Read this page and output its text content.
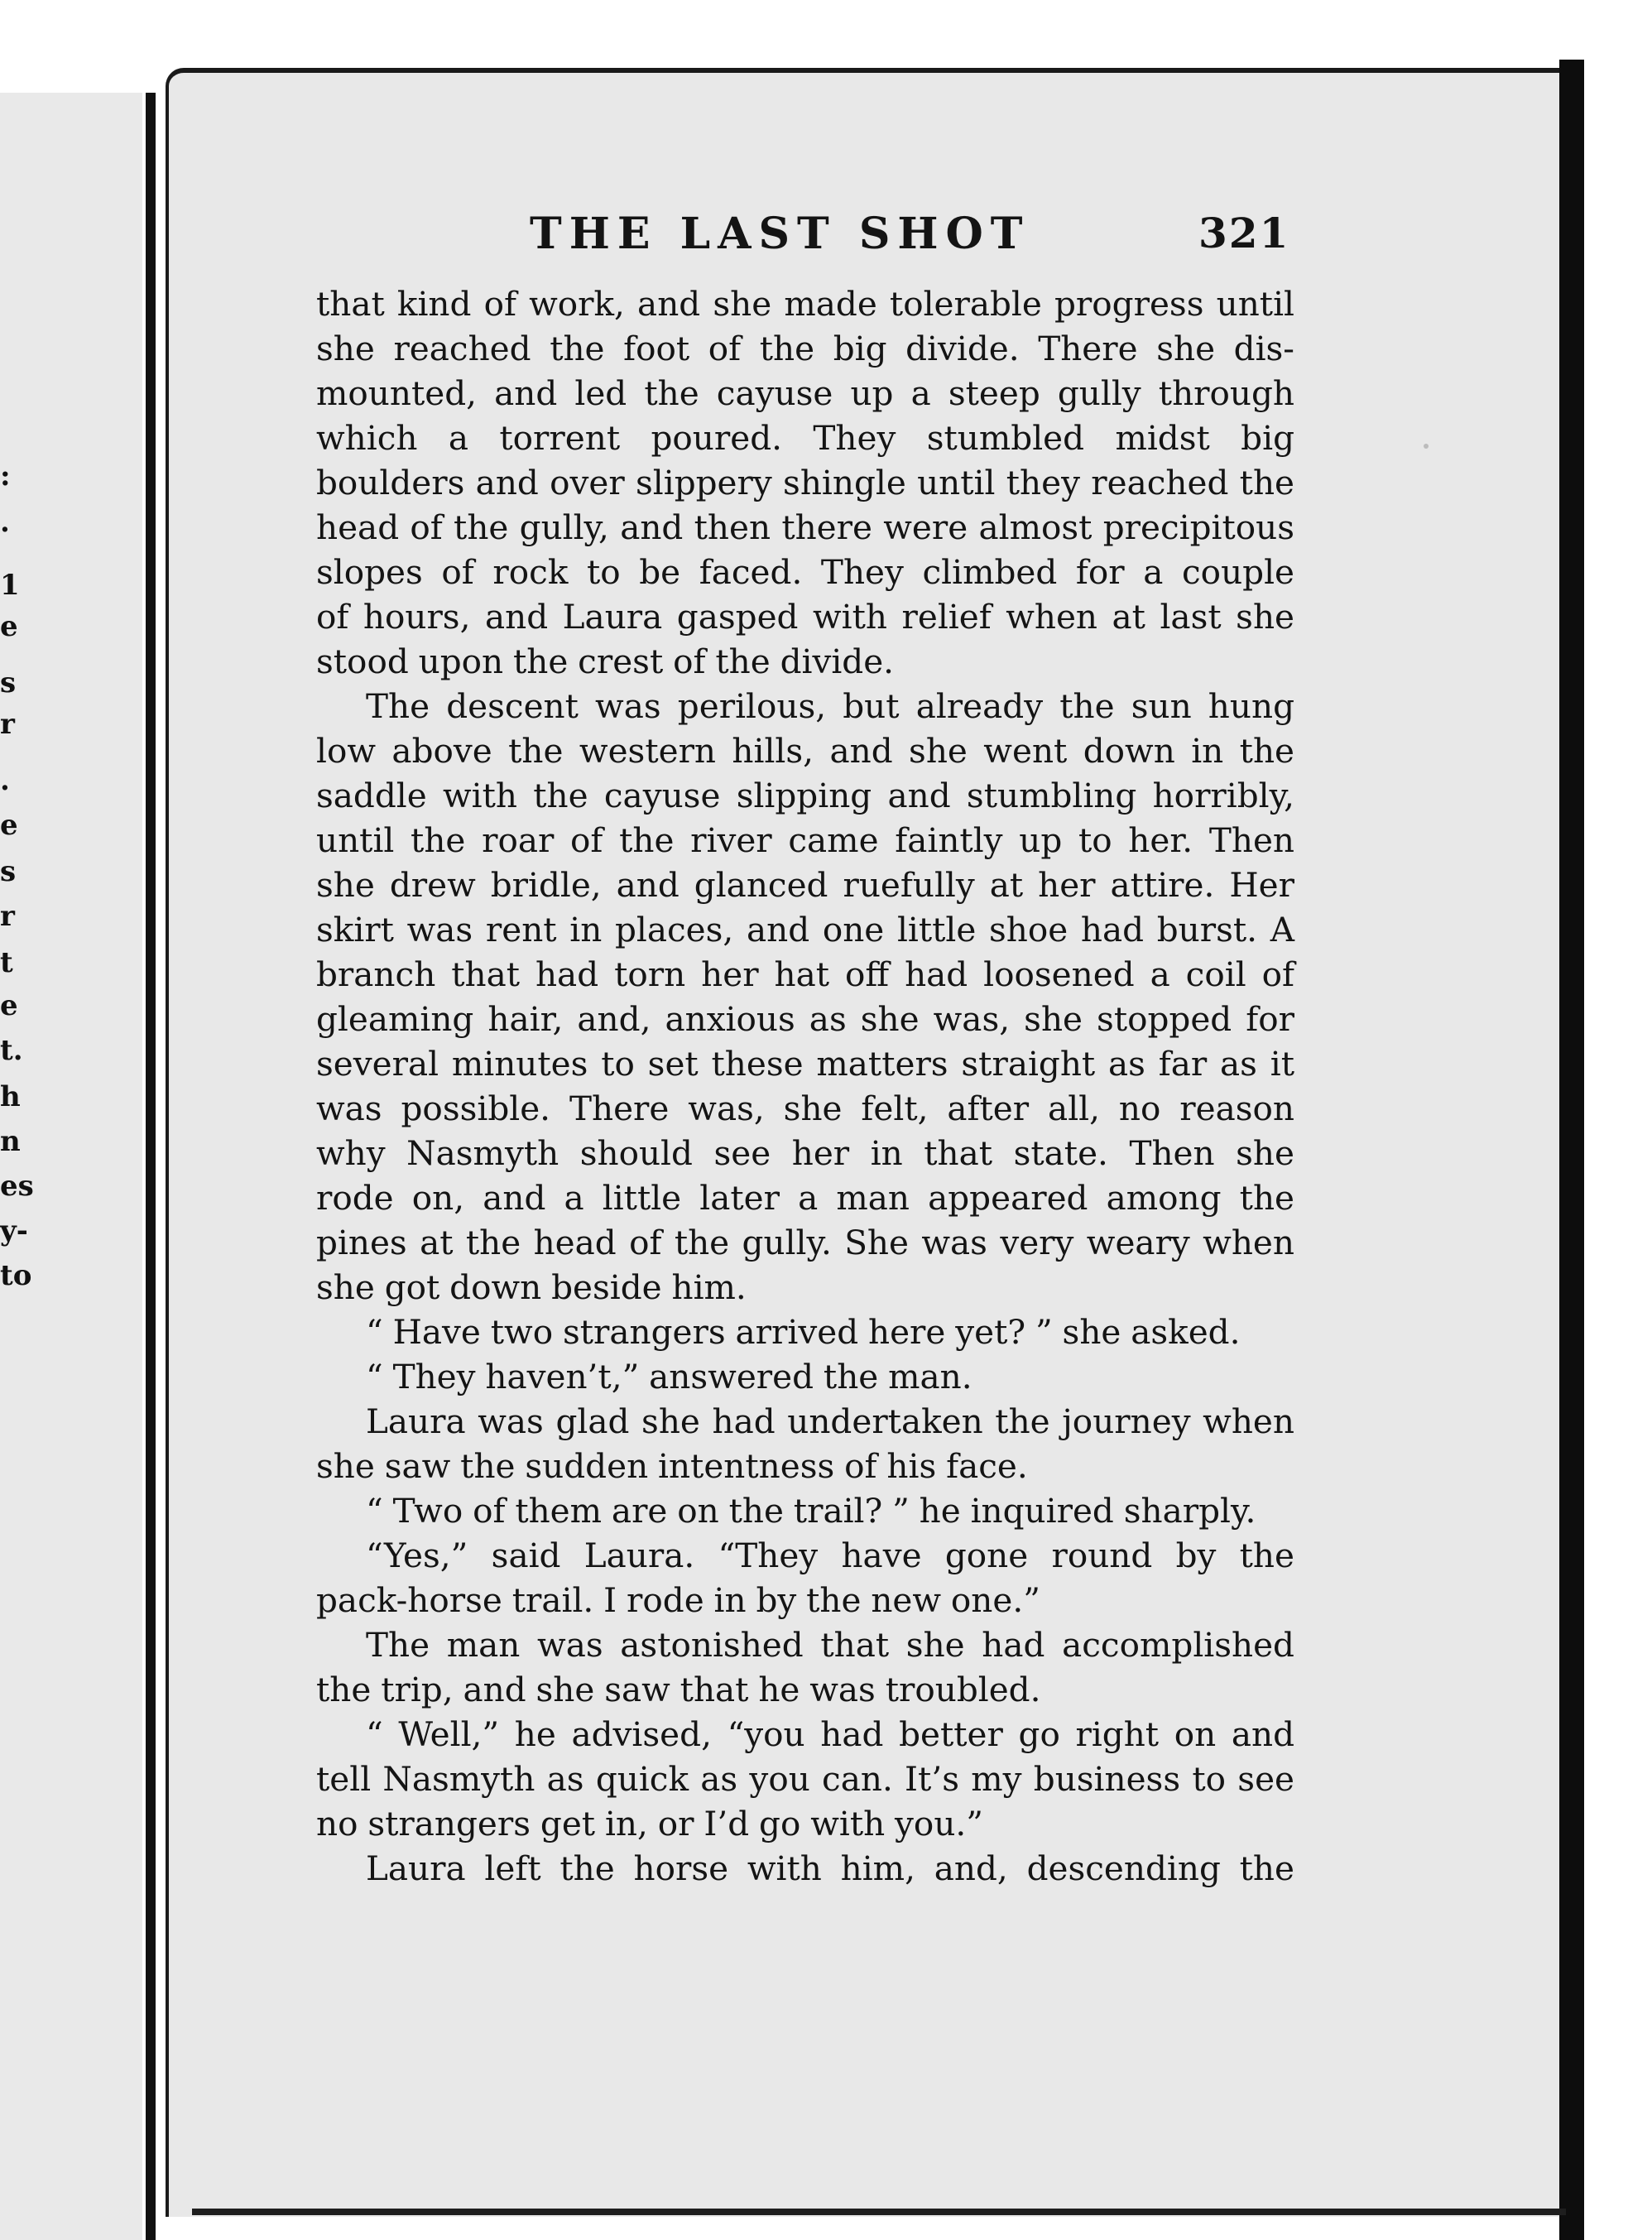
:
.
1
e
s
r
.
e
s
r
t
e
t.
h
n
es
y-
to
THE LAST SHOT	321
that kind of work, and she made tolerable progress until
she reached the foot of the big divide. There she dis-
mounted, and led the cayuse up a steep gully through
which a torrent poured. They stumbled midst big
boulders and over slippery shingle until they reached the
head of the gully, and then there were almost precipitous
slopes of rock to be faced. They climbed for a couple
of hours, and Laura gasped with relief when at last she
stood upon the crest of the divide.
The descent was perilous, but already the sun hung
low above the western hills, and she went down in the
saddle with the cayuse slipping and stumbling horribly,
until the roar of the river came faintly up to her. Then
she drew bridle, and glanced ruefully at her attire. Her
skirt was rent in places, and one little shoe had burst. A
branch that had torn her hat off had loosened a coil of
gleaming hair, and, anxious as she was, she stopped for
several minutes to set these matters straight as far as it
was possible. There was, she felt, after all, no reason
why Nasmyth should see her in that state. Then she
rode on, and a little later a man appeared among the
pines at the head of the gully. She was very weary when
she got down beside him.
“ Have two strangers arrived here yet? ” she asked.
“ They haven’t,” answered the man.
Laura was glad she had undertaken the journey when
she saw the sudden intentness of his face.
“ Two of them are on the trail? ” he inquired sharply.
“Yes,” said Laura. “They have gone round by the
pack-horse trail. I rode in by the new one.”
The man was astonished that she had accomplished
the trip, and she saw that he was troubled.
“ Well,” he advised, “you had better go right on and
tell Nasmyth as quick as you can. It’s my business to see
no strangers get in, or I’d go with you.”
Laura left the horse with him, and, descending the
